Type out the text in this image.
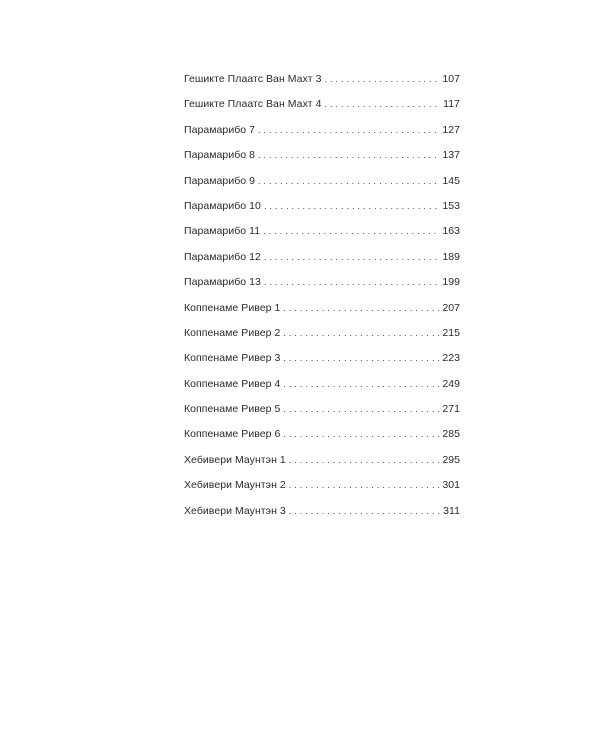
Гешикте Плаатс Ван Махт 3 . . .	107
Гешикте Плаатс Ван Махт 4 . . .	117
Парамарибо 7 . . .	127
Парамарибо 8 . . .	137
Парамарибо 9 . . .	145
Парамарибо 10 . . .	153
Парамарибо 11 . . .	163
Парамарибо 12 . . .	189
Парамарибо 13 . . .	199
Коппенаме Ривер 1 . . .	207
Коппенаме Ривер 2 . . .	215
Коппенаме Ривер 3 . . .	223
Коппенаме Ривер 4 . . .	249
Коппенаме Ривер 5 . . .	271
Коппенаме Ривер 6 . . .	285
Хебивери Маунтэн 1 . . .	295
Хебивери Маунтэн 2 . . .	301
Хебивери Маунтэн 3 . . .	311
